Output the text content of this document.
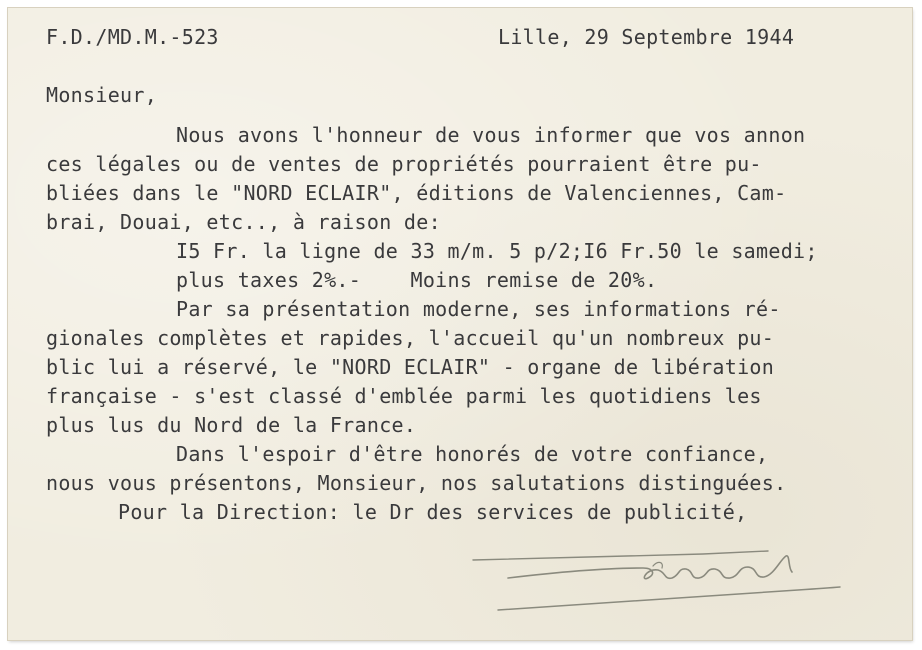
F.D./MD.M.-523	Lille, 29 Septembre 1944
Monsieur,
Nous avons l'honneur de vous informer que vos annon
ces légales ou de ventes de propriétés pourraient être pu-
bliées dans le "NORD ECLAIR", éditions de Valenciennes, Cam-
brai, Douai, etc.., à raison de:
I5 Fr. la ligne de 33 m/m. 5 p/2;I6 Fr.50 le samedi;
plus taxes 2%.-    Moins remise de 20%.
Par sa présentation moderne, ses informations ré-
gionales complètes et rapides, l'accueil qu'un nombreux pu-
blic lui a réservé, le "NORD ECLAIR" - organe de libération
française - s'est classé d'emblée parmi les quotidiens les
plus lus du Nord de la France.
Dans l'espoir d'être honorés de votre confiance,
nous vous présentons, Monsieur, nos salutations distinguées.
Pour la Direction: le Dr des services de publicité,
